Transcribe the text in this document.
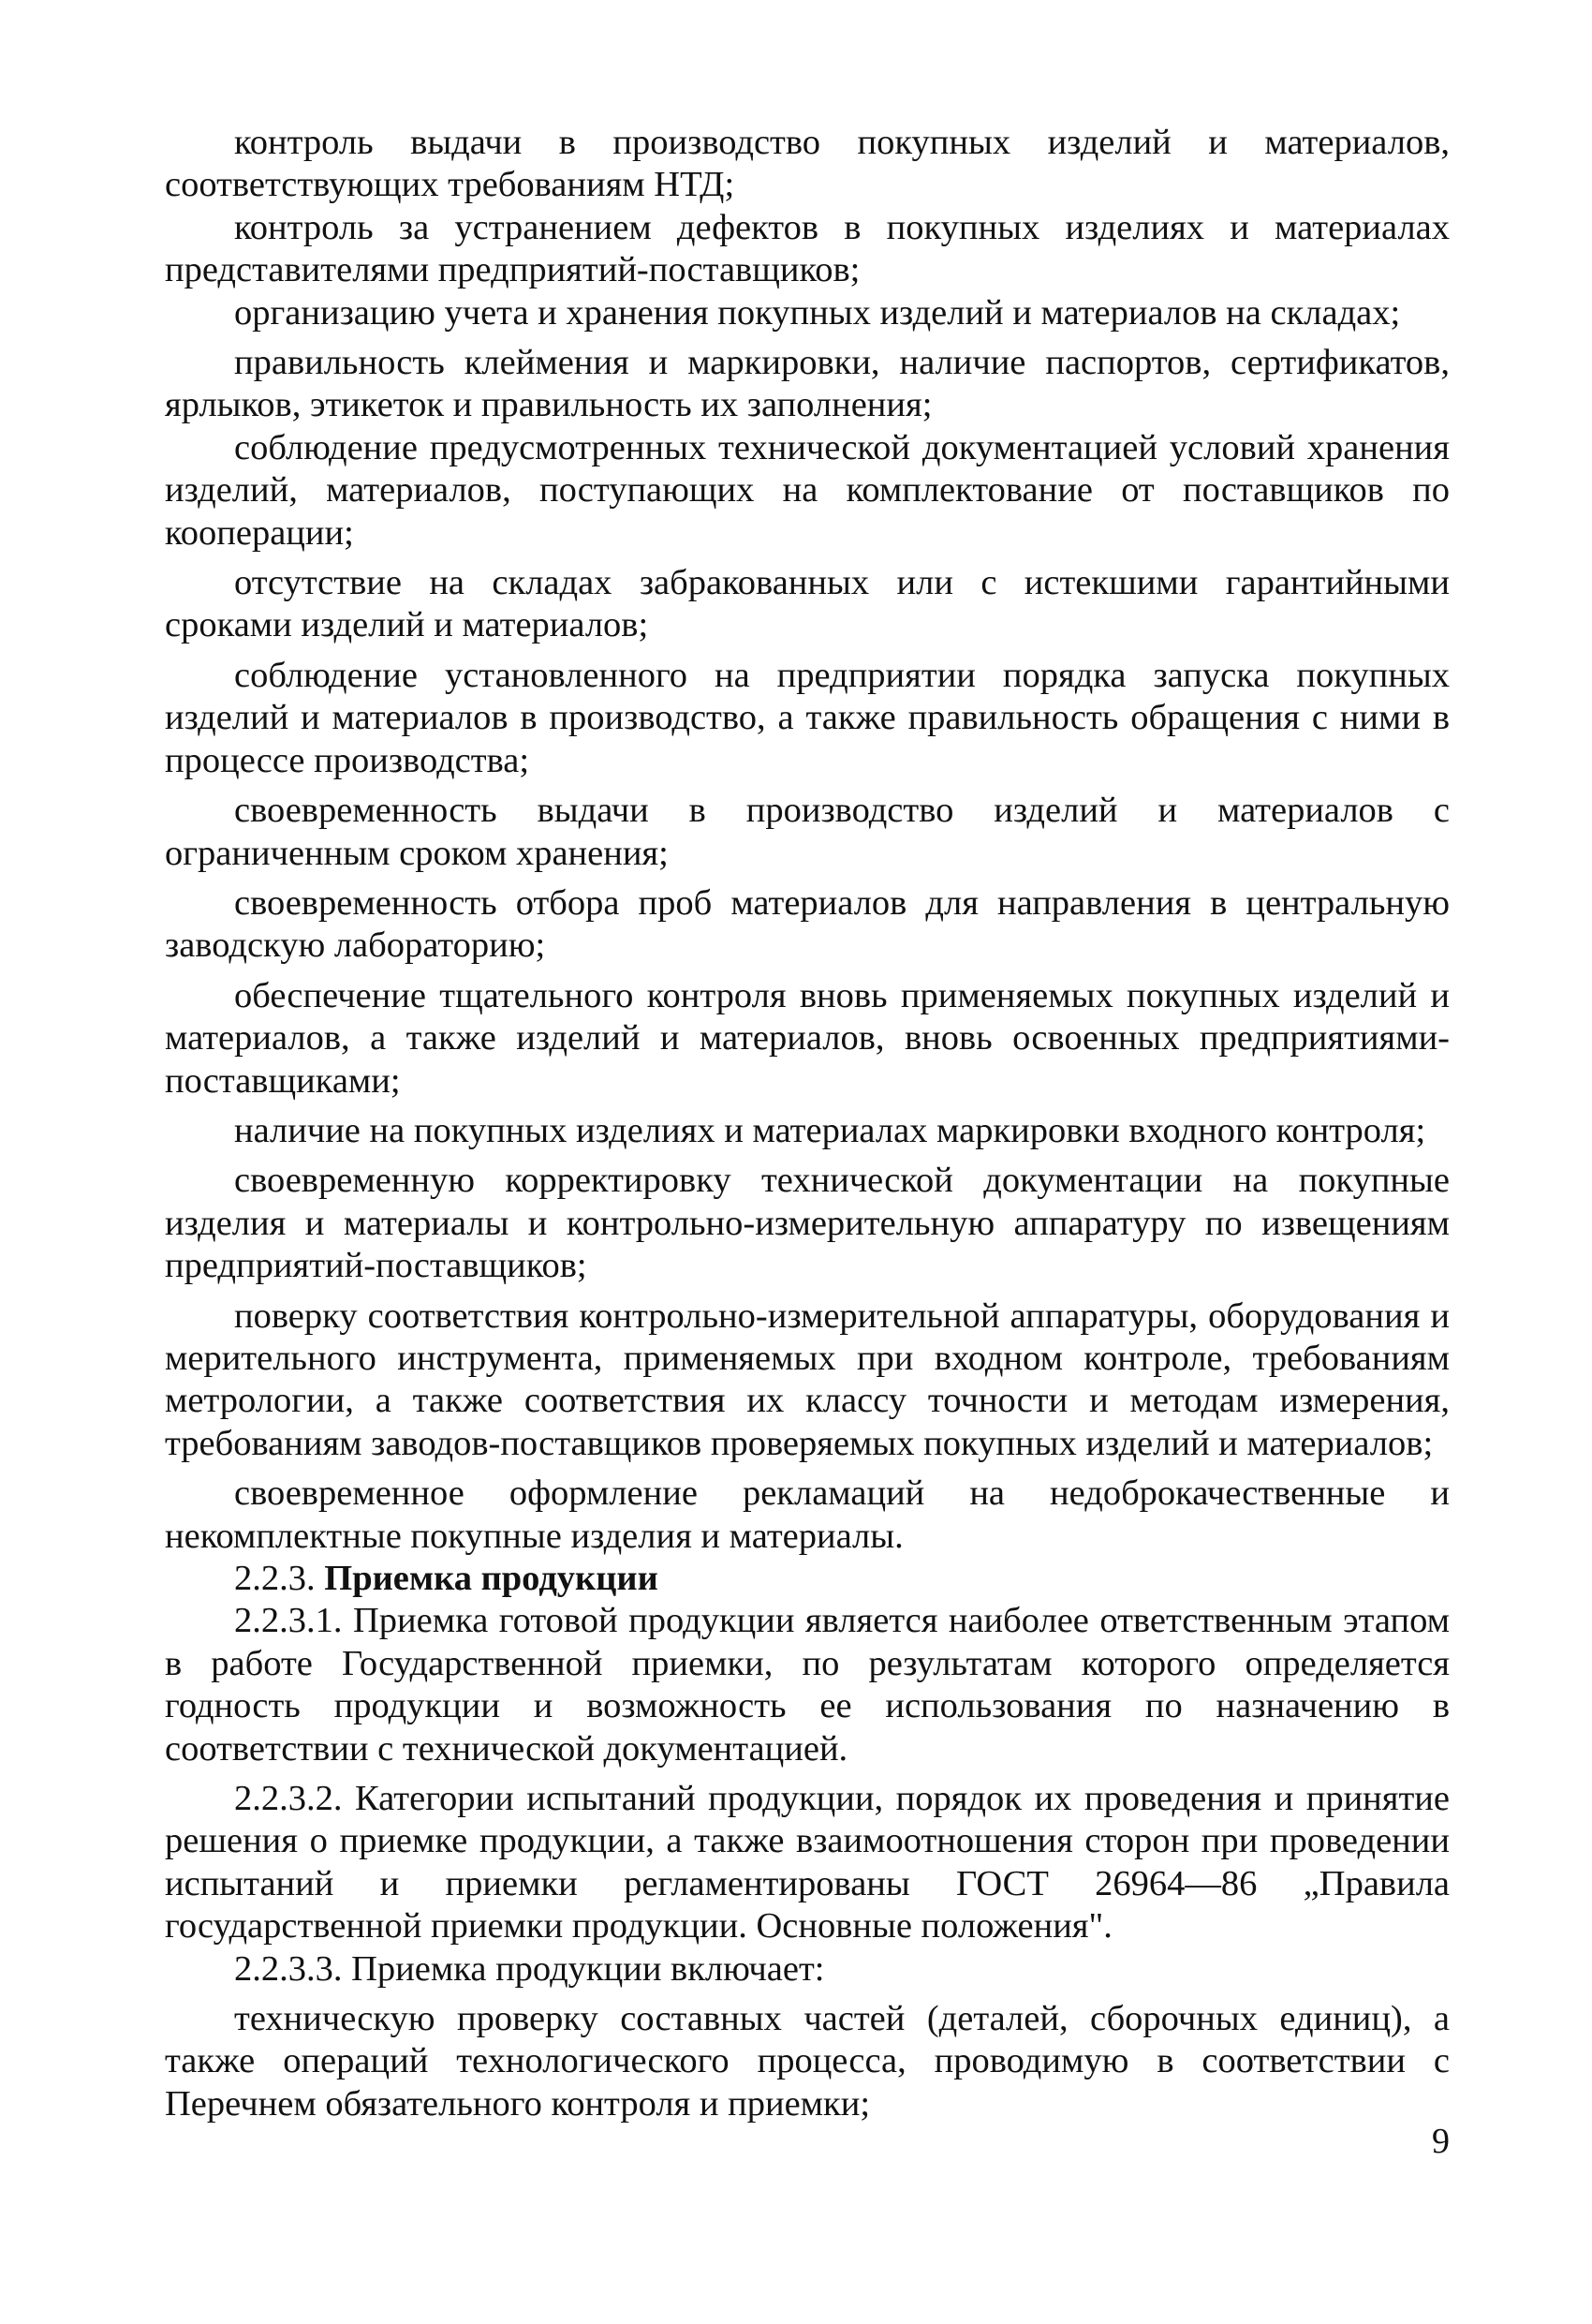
контроль выдачи в производство покупных изделий и материалов, соответствующих требованиям НТД;

контроль за устранением дефектов в покупных изделиях и материалах представителями предприятий-поставщиков;

организацию учета и хранения покупных изделий и материалов на складах;

правильность клеймения и маркировки, наличие паспортов, сертификатов, ярлыков, этикеток и правильность их заполнения;

соблюдение предусмотренных технической документацией условий хранения изделий, материалов, поступающих на комплектование от поставщиков по кооперации;

отсутствие на складах забракованных или с истекшими гарантийными сроками изделий и материалов;

соблюдение установленного на предприятии порядка запуска покупных изделий и материалов в производство, а также правильность обращения с ними в процессе производства;

своевременность выдачи в производство изделий и материалов с ограниченным сроком хранения;

своевременность отбора проб материалов для направления в центральную заводскую лабораторию;

обеспечение тщательного контроля вновь применяемых покупных изделий и материалов, а также изделий и материалов, вновь освоенных предприятиями-поставщиками;

наличие на покупных изделиях и материалах маркировки входного контроля;

своевременную корректировку технической документации на покупные изделия и материалы и контрольно-измерительную аппаратуру по извещениям предприятий-поставщиков;

поверку соответствия контрольно-измерительной аппаратуры, оборудования и мерительного инструмента, применяемых при входном контроле, требованиям метрологии, а также соответствия их классу точности и методам измерения, требованиям заводов-поставщиков проверяемых покупных изделий и материалов;

своевременное оформление рекламаций на недоброкачественные и некомплектные покупные изделия и материалы.

2.2.3. Приемка продукции

2.2.3.1. Приемка готовой продукции является наиболее ответственным этапом в работе Государственной приемки, по результатам которого определяется годность продукции и возможность ее использования по назначению в соответствии с технической документацией.

2.2.3.2. Категории испытаний продукции, порядок их проведения и принятие решения о приемке продукции, а также взаимоотношения сторон при проведении испытаний и приемки регламентированы ГОСТ 26964—86 „Правила государственной приемки продукции. Основные положения".

2.2.3.3. Приемка продукции включает:

техническую проверку составных частей (деталей, сборочных единиц), а также операций технологического процесса, проводимую в соответствии с Перечнем обязательного контроля и приемки;

9
